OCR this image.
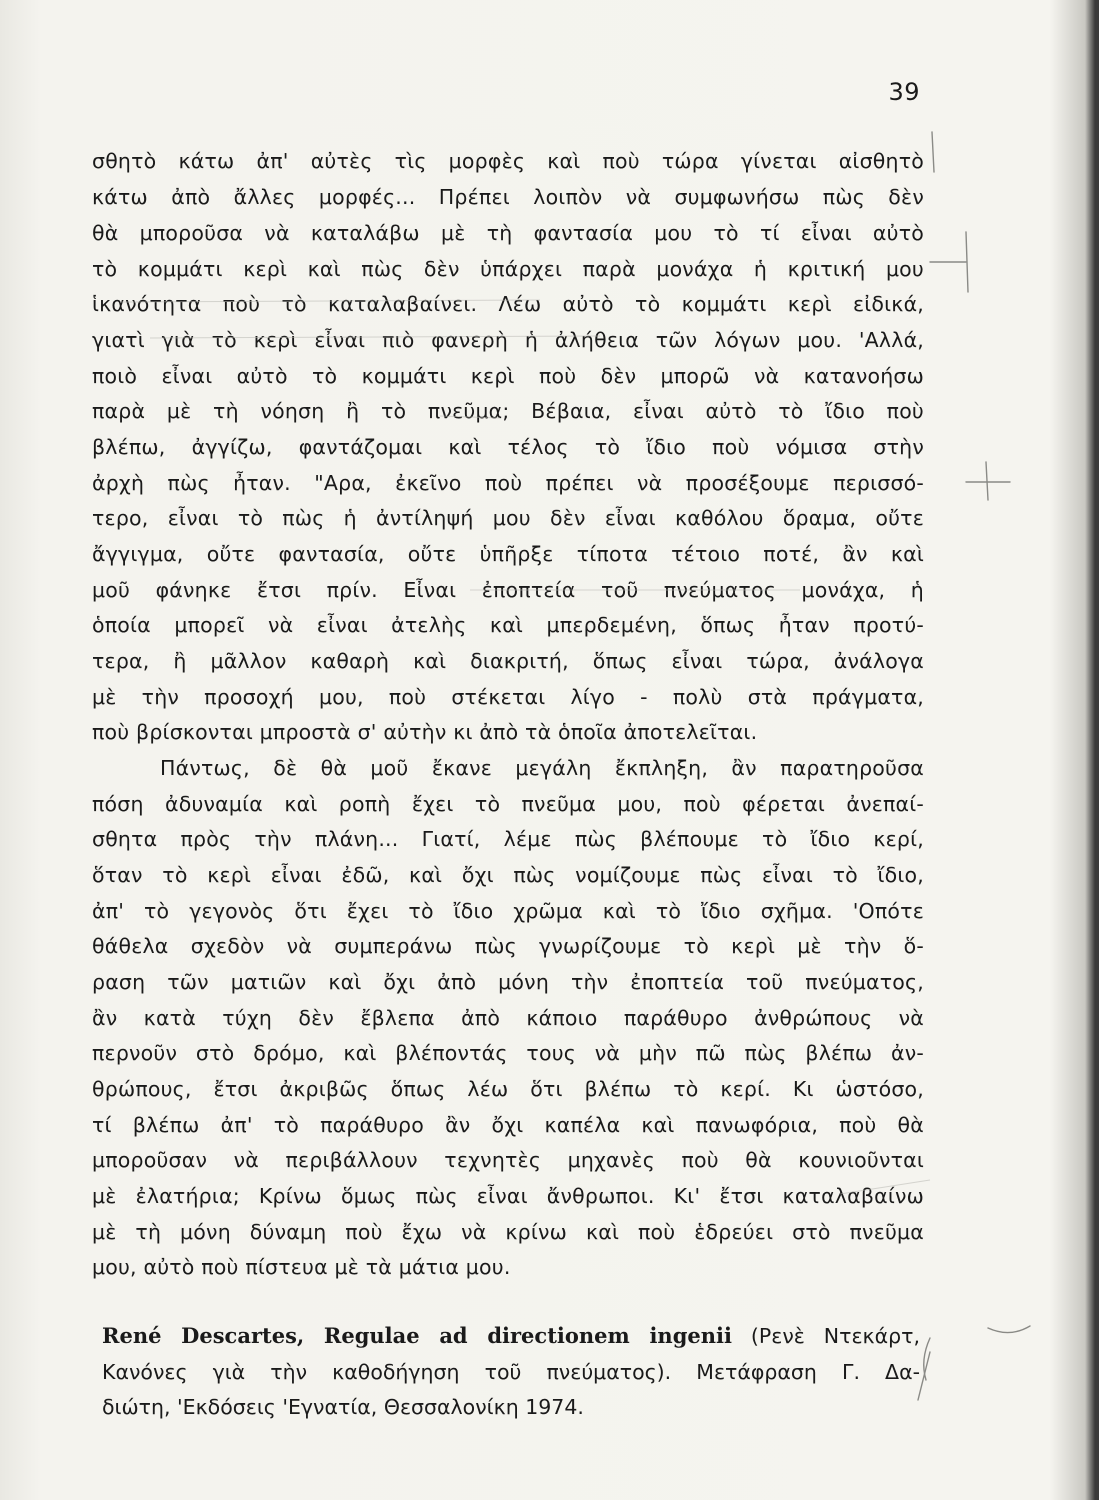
39
σθητὸ κάτω ἀπ' αὐτὲς τὶς μορφὲς καὶ ποὺ τώρα γίνεται αἰσθητὸ
κάτω ἀπὸ ἄλλες μορφές... Πρέπει λοιπὸν νὰ συμφωνήσω πὼς δὲν
θὰ μποροῦσα νὰ καταλάβω μὲ τὴ φαντασία μου τὸ τί εἶναι αὐτὸ
τὸ κομμάτι κερὶ καὶ πὼς δὲν ὑπάρχει παρὰ μονάχα ἡ κριτική μου
ἱκανότητα ποὺ τὸ καταλαβαίνει. Λέω αὐτὸ τὸ κομμάτι κερὶ εἰδικά,
γιατὶ γιὰ τὸ κερὶ εἶναι πιὸ φανερὴ ἡ ἀλήθεια τῶν λόγων μου. 'Αλλά,
ποιὸ εἶναι αὐτὸ τὸ κομμάτι κερὶ ποὺ δὲν μπορῶ νὰ κατανοήσω
παρὰ μὲ τὴ νόηση ἢ τὸ πνεῦμα; Βέβαια, εἶναι αὐτὸ τὸ ἴδιο ποὺ
βλέπω, ἀγγίζω, φαντάζομαι καὶ τέλος τὸ ἴδιο ποὺ νόμισα στὴν
ἀρχὴ πὼς ἦταν. "Αρα, ἐκεῖνο ποὺ πρέπει νὰ προσέξουμε περισσό-
τερο, εἶναι τὸ πὼς ἡ ἀντίληψή μου δὲν εἶναι καθόλου ὅραμα, οὔτε
ἄγγιγμα, οὔτε φαντασία, οὔτε ὑπῆρξε τίποτα τέτοιο ποτέ, ἂν καὶ
μοῦ φάνηκε ἔτσι πρίν. Εἶναι ἐποπτεία τοῦ πνεύματος μονάχα, ἡ
ὁποία μπορεῖ νὰ εἶναι ἀτελὴς καὶ μπερδεμένη, ὅπως ἦταν προτύ-
τερα, ἢ μᾶλλον καθαρὴ καὶ διακριτή, ὅπως εἶναι τώρα, ἀνάλογα
μὲ τὴν προσοχή μου, ποὺ στέκεται λίγο - πολὺ στὰ πράγματα,
ποὺ βρίσκονται μπροστὰ σ' αὐτὴν κι ἀπὸ τὰ ὁποῖα ἀποτελεῖται.
Πάντως, δὲ θὰ μοῦ ἔκανε μεγάλη ἔκπληξη, ἂν παρατηροῦσα
πόση ἀδυναμία καὶ ροπὴ ἔχει τὸ πνεῦμα μου, ποὺ φέρεται ἀνεπαί-
σθητα πρὸς τὴν πλάνη... Γιατί, λέμε πὼς βλέπουμε τὸ ἴδιο κερί,
ὅταν τὸ κερὶ εἶναι ἐδῶ, καὶ ὄχι πὼς νομίζουμε πὼς εἶναι τὸ ἴδιο,
ἀπ' τὸ γεγονὸς ὅτι ἔχει τὸ ἴδιο χρῶμα καὶ τὸ ἴδιο σχῆμα. 'Οπότε
θάθελα σχεδὸν νὰ συμπεράνω πὼς γνωρίζουμε τὸ κερὶ μὲ τὴν ὅ-
ραση τῶν ματιῶν καὶ ὄχι ἀπὸ μόνη τὴν ἐποπτεία τοῦ πνεύματος,
ἂν κατὰ τύχη δὲν ἔβλεπα ἀπὸ κάποιο παράθυρο ἀνθρώπους νὰ
περνοῦν στὸ δρόμο, καὶ βλέποντάς τους νὰ μὴν πῶ πὼς βλέπω ἀν-
θρώπους, ἔτσι ἀκριβῶς ὅπως λέω ὅτι βλέπω τὸ κερί. Κι ὡστόσο,
τί βλέπω ἀπ' τὸ παράθυρο ἂν ὄχι καπέλα καὶ πανωφόρια, ποὺ θὰ
μποροῦσαν νὰ περιβάλλουν τεχνητὲς μηχανὲς ποὺ θὰ κουνιοῦνται
μὲ ἐλατήρια; Κρίνω ὅμως πὼς εἶναι ἄνθρωποι. Κι' ἔτσι καταλαβαίνω
μὲ τὴ μόνη δύναμη ποὺ ἔχω νὰ κρίνω καὶ ποὺ ἑδρεύει στὸ πνεῦμα
μου, αὐτὸ ποὺ πίστευα μὲ τὰ μάτια μου.
René Descartes, Regulae ad directionem ingenii (Ρενὲ Ντεκάρτ,
Κανόνες γιὰ τὴν καθοδήγηση τοῦ πνεύματος). Μετάφραση Γ. Δα-
διώτη, 'Εκδόσεις 'Εγνατία, Θεσσαλονίκη 1974.
